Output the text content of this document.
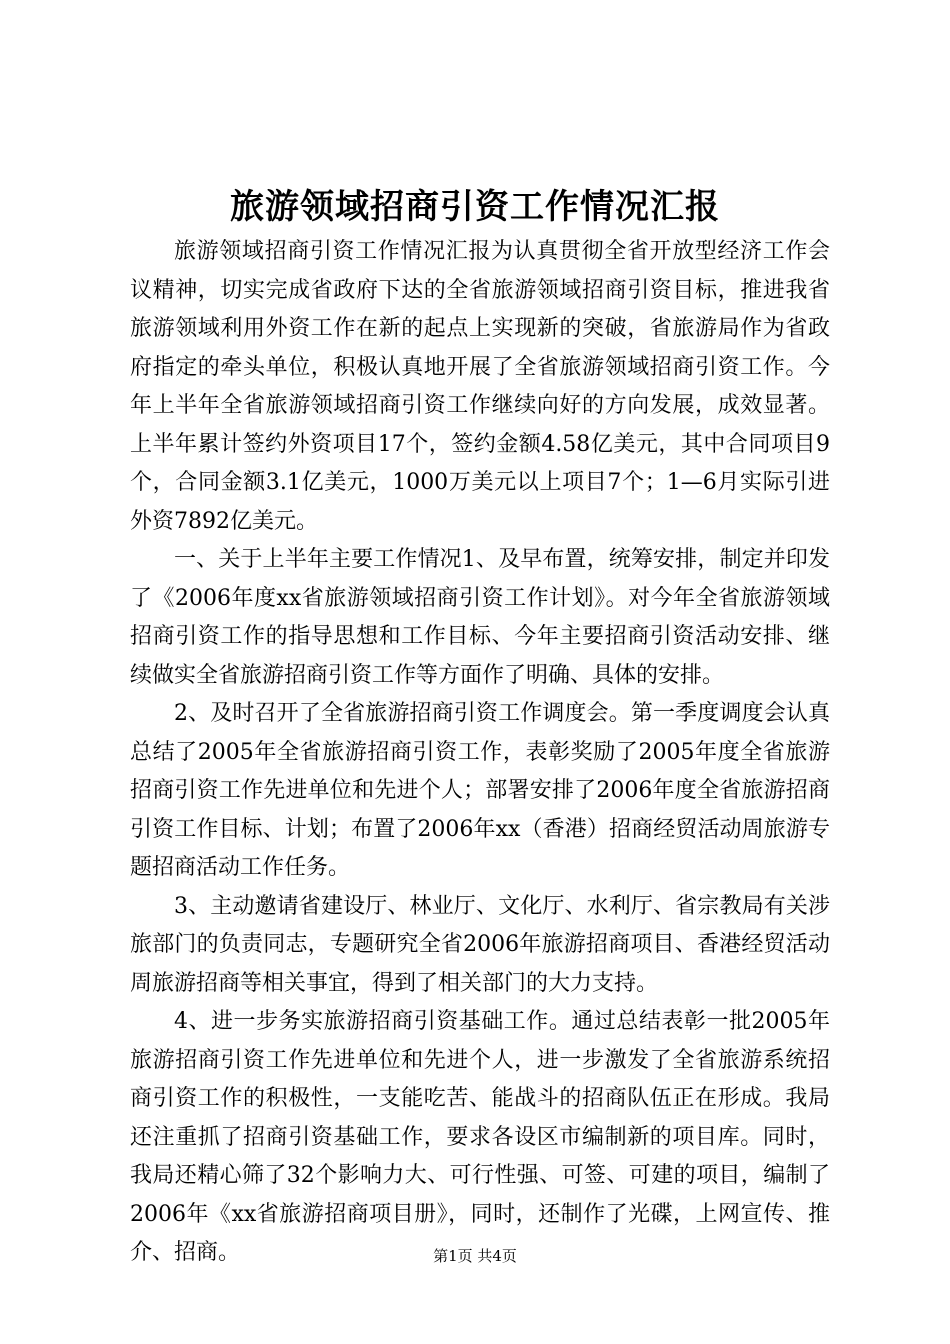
旅游领域招商引资工作情况汇报

旅游领域招商引资工作情况汇报为认真贯彻全省开放型经济工作会议精神，切实完成省政府下达的全省旅游领域招商引资目标，推进我省旅游领域利用外资工作在新的起点上实现新的突破，省旅游局作为省政府指定的牵头单位，积极认真地开展了全省旅游领域招商引资工作。今年上半年全省旅游领域招商引资工作继续向好的方向发展，成效显著。上半年累计签约外资项目17个，签约金额4.58亿美元，其中合同项目9个，合同金额3.1亿美元，1000万美元以上项目7个；1—6月实际引进外资7892亿美元。

一、关于上半年主要工作情况1、及早布置，统筹安排，制定并印发了《2006年度xx省旅游领域招商引资工作计划》。对今年全省旅游领域招商引资工作的指导思想和工作目标、今年主要招商引资活动安排、继续做实全省旅游招商引资工作等方面作了明确、具体的安排。

2、及时召开了全省旅游招商引资工作调度会。第一季度调度会认真总结了2005年全省旅游招商引资工作，表彰奖励了2005年度全省旅游招商引资工作先进单位和先进个人；部署安排了2006年度全省旅游招商引资工作目标、计划；布置了2006年xx（香港）招商经贸活动周旅游专题招商活动工作任务。

3、主动邀请省建设厅、林业厅、文化厅、水利厅、省宗教局有关涉旅部门的负责同志，专题研究全省2006年旅游招商项目、香港经贸活动周旅游招商等相关事宜，得到了相关部门的大力支持。

4、进一步务实旅游招商引资基础工作。通过总结表彰一批2005年旅游招商引资工作先进单位和先进个人，进一步激发了全省旅游系统招商引资工作的积极性，一支能吃苦、能战斗的招商队伍正在形成。我局还注重抓了招商引资基础工作，要求各设区市编制新的项目库。同时，我局还精心筛了32个影响力大、可行性强、可签、可建的项目，编制了2006年《xx省旅游招商项目册》，同时，还制作了光碟，上网宣传、推介、招商。	第1页 共4页
